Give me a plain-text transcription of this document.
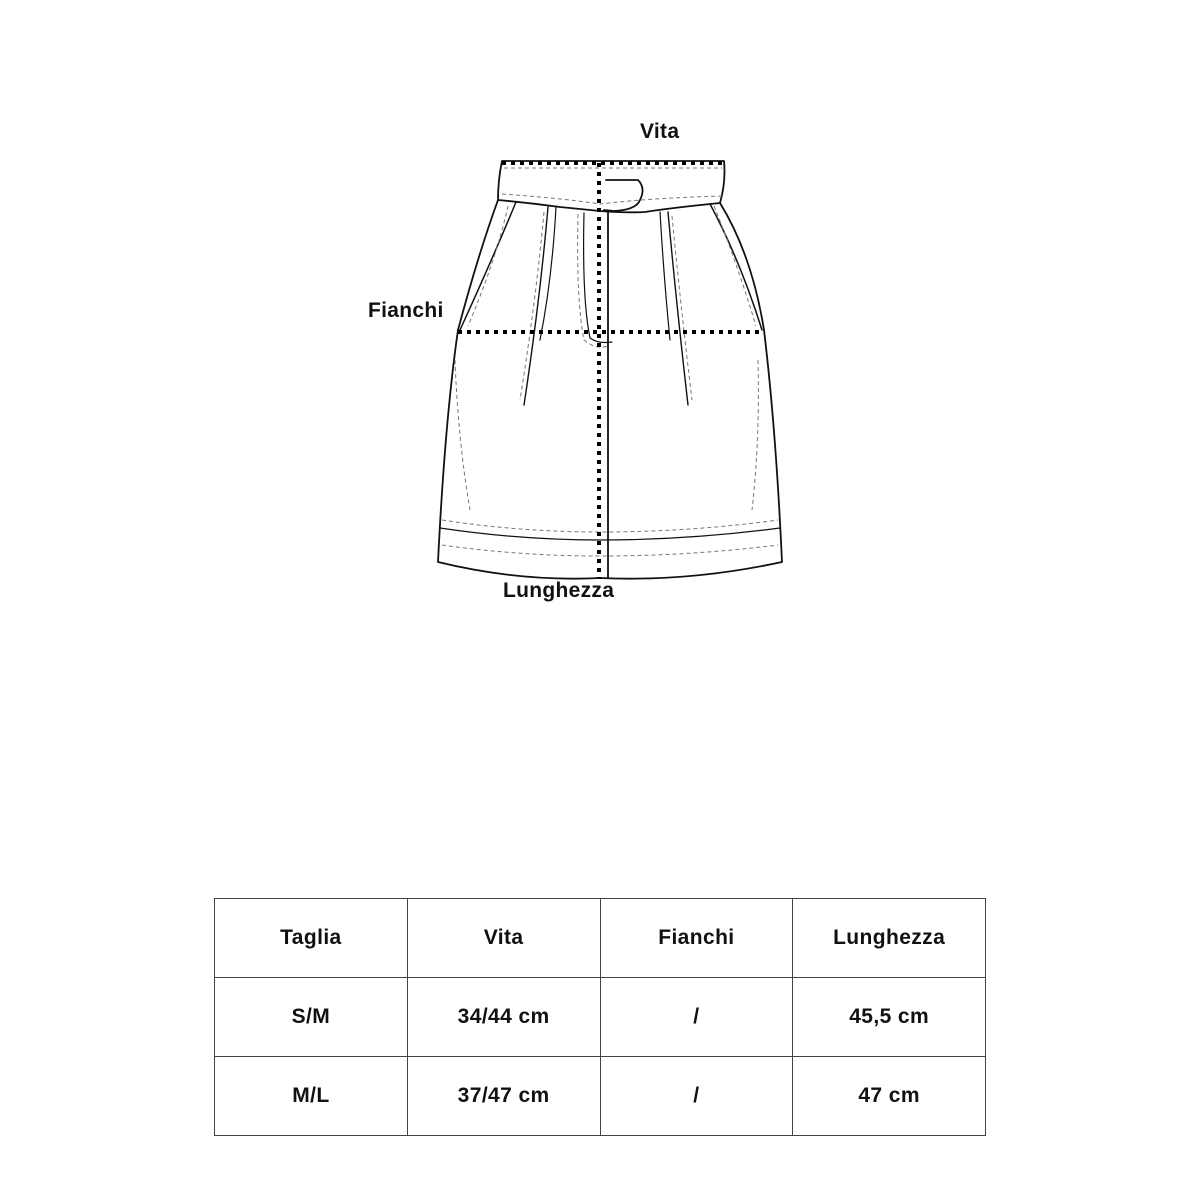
Vita
Fianchi
Lunghezza
Taglia	Vita	Fianchi	Lunghezza
S/M	34/44 cm	/	45,5 cm
M/L	37/47 cm	/	47 cm
